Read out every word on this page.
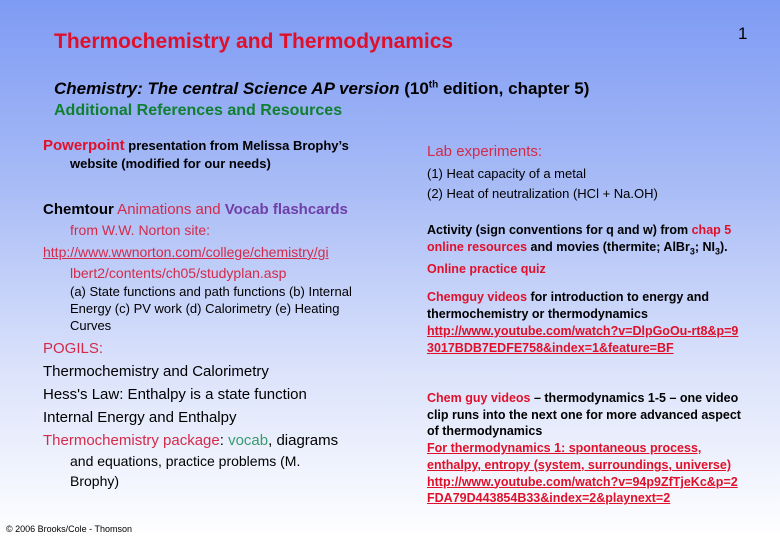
Thermochemistry and Thermodynamics	1
Chemistry: The central Science AP version (10th edition, chapter 5)
Additional References and Resources
Powerpoint presentation from Melissa Brophy’s
website (modified for our needs)
Chemtour Animations and Vocab flashcards
from W.W. Norton site:
http://www.wwnorton.com/college/chemistry/gi
lbert2/contents/ch05/studyplan.asp
(a) State functions and path functions (b) Internal Energy (c) PV work (d) Calorimetry (e) Heating Curves
POGILS:
Thermochemistry and Calorimetry
Hess's Law: Enthalpy is a state function
Internal Energy and Enthalpy
Thermochemistry package: vocab, diagrams
and equations, practice problems (M. Brophy)
© 2006 Brooks/Cole - Thomson
Lab experiments:
(1) Heat capacity of a metal
(2) Heat of neutralization (HCl + Na.OH)
Activity (sign conventions for q and w) from chap 5 online resources and movies (thermite; AlBr$_3$; $NI_3$). Online practice quiz
Chemguy videos for introduction to energy and thermochemistry or thermodynamics
http://www.youtube.com/watch?v=DlpGoOu-rt8&p=93017BDB7EDFE758&index=1&feature=BF
Chem guy videos – thermodynamics 1-5 – one video clip runs into the next one for more advanced aspect of thermodynamics
For thermodynamics 1: spontaneous process, enthalpy, entropy (system, surroundings, universe)
http://www.youtube.com/watch?v=94p9ZfTjeKc&p=2FDA79D443854B33&index=2&playnext=2
